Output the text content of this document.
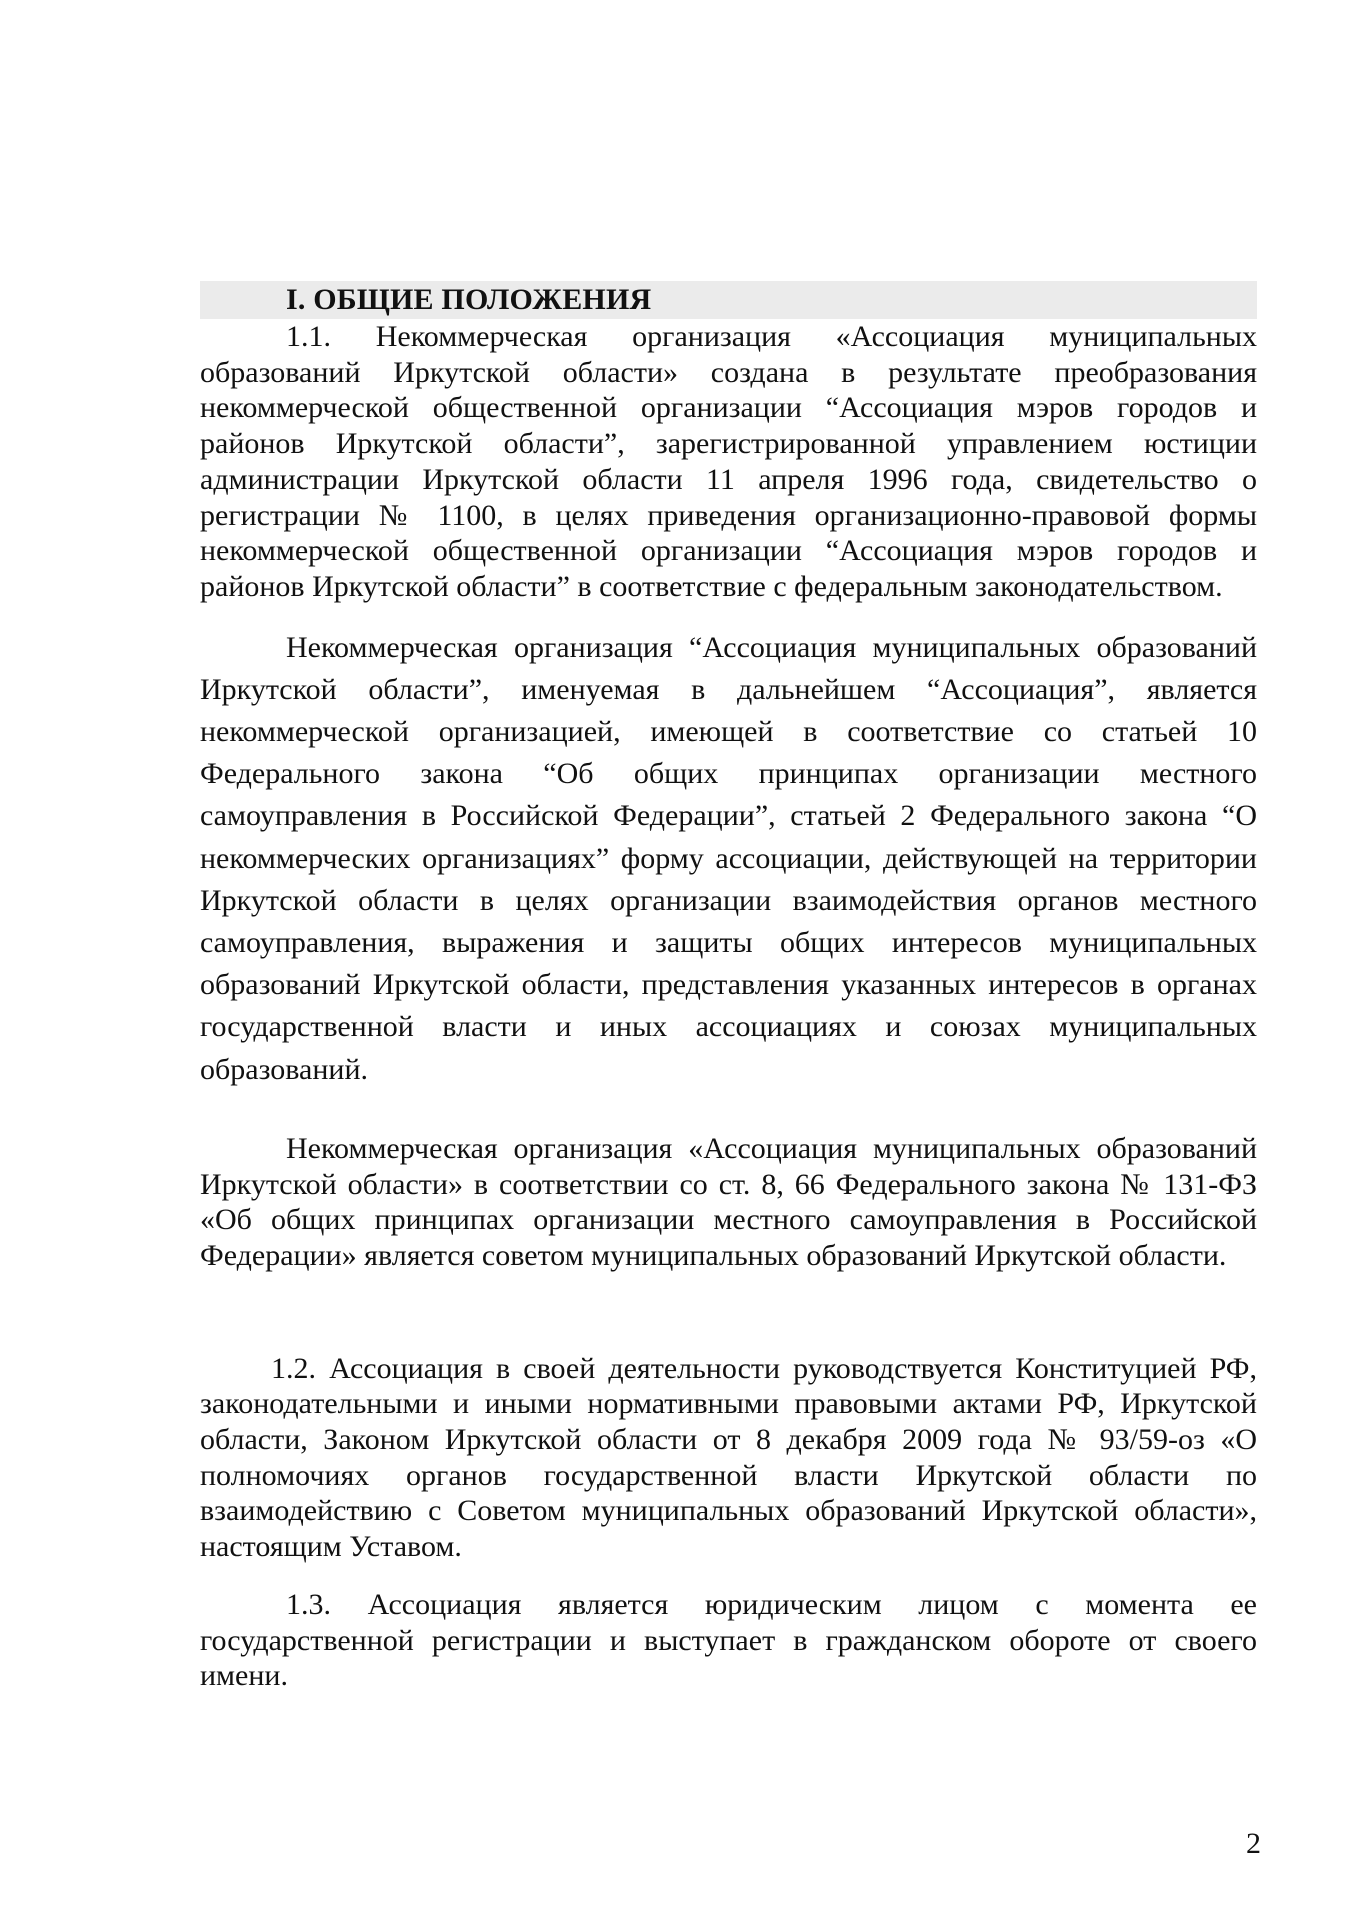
I. ОБЩИЕ ПОЛОЖЕНИЯ

1.1. Некоммерческая организация «Ассоциация муниципальных образований Иркутской области» создана в результате преобразования некоммерческой общественной организации “Ассоциация мэров городов и районов Иркутской области”, зарегистрированной управлением юстиции администрации Иркутской области 11 апреля 1996 года, свидетельство о регистрации № 1100, в целях приведения организационно-правовой формы некоммерческой общественной организации “Ассоциация мэров городов и районов Иркутской области” в соответствие с федеральным законодательством.

Некоммерческая организация “Ассоциация муниципальных образований Иркутской области”, именуемая в дальнейшем “Ассоциация”, является некоммерческой организацией, имеющей в соответствие со статьей 10 Федерального закона “Об общих принципах организации местного самоуправления в Российской Федерации”, статьей 2 Федерального закона “О некоммерческих организациях” форму ассоциации, действующей на территории Иркутской области в целях организации взаимодействия органов местного самоуправления, выражения и защиты общих интересов муниципальных образований Иркутской области, представления указанных интересов в органах государственной власти и иных ассоциациях и союзах муниципальных образований.

Некоммерческая организация «Ассоциация муниципальных образований Иркутской области» в соответствии со ст. 8, 66 Федерального закона № 131-ФЗ «Об общих принципах организации местного самоуправления в Российской Федерации» является советом муниципальных образований Иркутской области.

1.2. Ассоциация в своей деятельности руководствуется Конституцией РФ, законодательными и иными нормативными правовыми актами РФ, Иркутской области, Законом Иркутской области от 8 декабря 2009 года № 93/59-оз «О полномочиях органов государственной власти Иркутской области по взаимодействию с Советом муниципальных образований Иркутской области», настоящим Уставом.

1.3. Ассоциация является юридическим лицом с момента ее государственной регистрации и выступает в гражданском обороте от своего имени.

2
